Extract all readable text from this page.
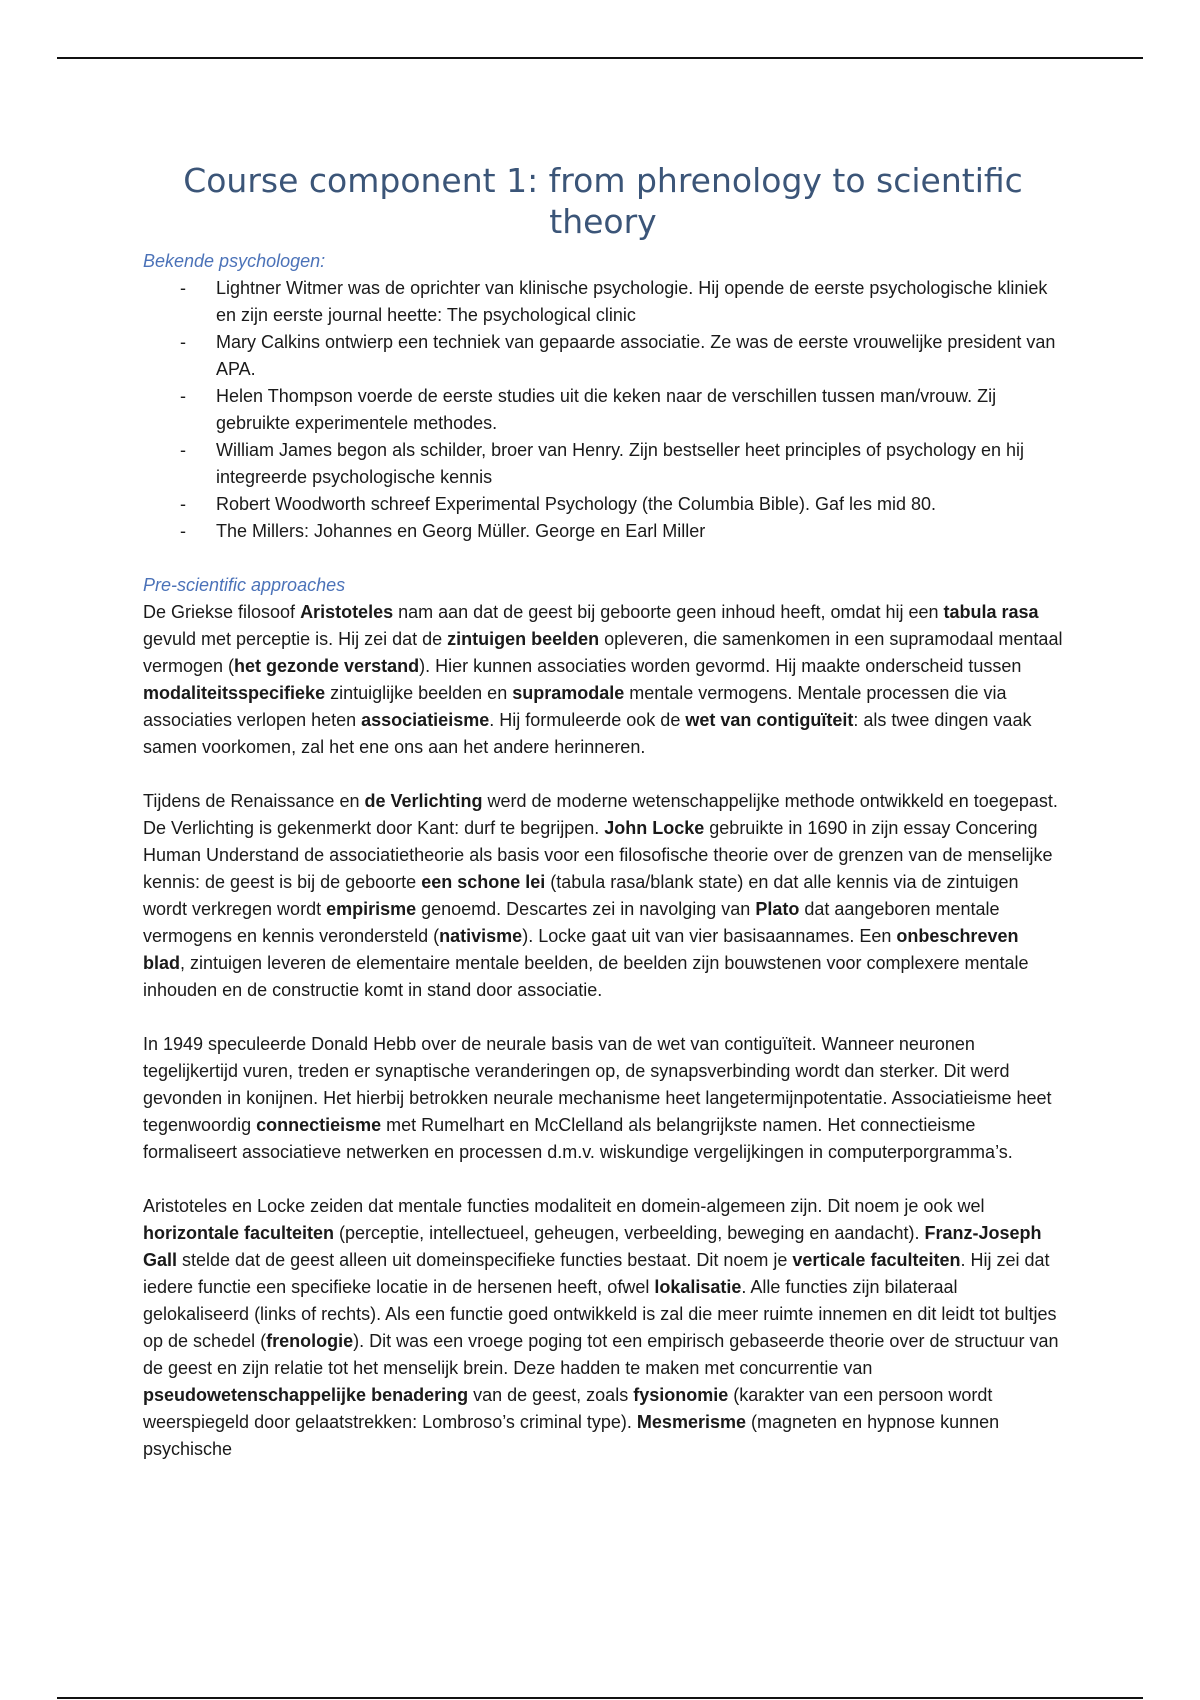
Course component 1: from phrenology to scientific theory
Bekende psychologen:
- Lightner Witmer was de oprichter van klinische psychologie. Hij opende de eerste psychologische kliniek en zijn eerste journal heette: The psychological clinic
- Mary Calkins ontwierp een techniek van gepaarde associatie. Ze was de eerste vrouwelijke president van APA.
- Helen Thompson voerde de eerste studies uit die keken naar de verschillen tussen man/vrouw. Zij gebruikte experimentele methodes.
- William James begon als schilder, broer van Henry. Zijn bestseller heet principles of psychology en hij integreerde psychologische kennis
- Robert Woodworth schreef Experimental Psychology (the Columbia Bible). Gaf les mid 80.
- The Millers: Johannes en Georg Müller. George en Earl Miller
Pre-scientific approaches

De Griekse filosoof Aristoteles nam aan dat de geest bij geboorte geen inhoud heeft, omdat hij een tabula rasa gevuld met perceptie is. Hij zei dat de zintuigen beelden opleveren, die samenkomen in een supramodaal mentaal vermogen (het gezonde verstand). Hier kunnen associaties worden gevormd. Hij maakte onderscheid tussen modaliteitsspecifieke zintuiglijke beelden en supramodale mentale vermogens. Mentale processen die via associaties verlopen heten associatieisme. Hij formuleerde ook de wet van contiguïteit: als twee dingen vaak samen voorkomen, zal het ene ons aan het andere herinneren.

Tijdens de Renaissance en de Verlichting werd de moderne wetenschappelijke methode ontwikkeld en toegepast. De Verlichting is gekenmerkt door Kant: durf te begrijpen. John Locke gebruikte in 1690 in zijn essay Concering Human Understand de associatietheorie als basis voor een filosofische theorie over de grenzen van de menselijke kennis: de geest is bij de geboorte een schone lei (tabula rasa/blank state) en dat alle kennis via de zintuigen wordt verkregen wordt empirisme genoemd. Descartes zei in navolging van Plato dat aangeboren mentale vermogens en kennis verondersteld (nativisme). Locke gaat uit van vier basisaannames. Een onbeschreven blad, zintuigen leveren de elementaire mentale beelden, de beelden zijn bouwstenen voor complexere mentale inhouden en de constructie komt in stand door associatie.

In 1949 speculeerde Donald Hebb over de neurale basis van de wet van contiguïteit. Wanneer neuronen tegelijkertijd vuren, treden er synaptische veranderingen op, de synapsverbinding wordt dan sterker. Dit werd gevonden in konijnen. Het hierbij betrokken neurale mechanisme heet langetermijnpotentatie. Associatieisme heet tegenwoordig connectieisme met Rumelhart en McClelland als belangrijkste namen. Het connectieisme formaliseert associatieve netwerken en processen d.m.v. wiskundige vergelijkingen in computerporgramma’s.

Aristoteles en Locke zeiden dat mentale functies modaliteit en domein-algemeen zijn. Dit noem je ook wel horizontale faculteiten (perceptie, intellectueel, geheugen, verbeelding, beweging en aandacht). Franz-Joseph Gall stelde dat de geest alleen uit domeinspecifieke functies bestaat. Dit noem je verticale faculteiten. Hij zei dat iedere functie een specifieke locatie in de hersenen heeft, ofwel lokalisatie. Alle functies zijn bilateraal gelokaliseerd (links of rechts). Als een functie goed ontwikkeld is zal die meer ruimte innemen en dit leidt tot bultjes op de schedel (frenologie). Dit was een vroege poging tot een empirisch gebaseerde theorie over de structuur van de geest en zijn relatie tot het menselijk brein. Deze hadden te maken met concurrentie van pseudowetenschappelijke benadering van de geest, zoals fysionomie (karakter van een persoon wordt weerspiegeld door gelaatstrekken: Lombroso’s criminal type). Mesmerisme (magneten en hypnose kunnen psychische
